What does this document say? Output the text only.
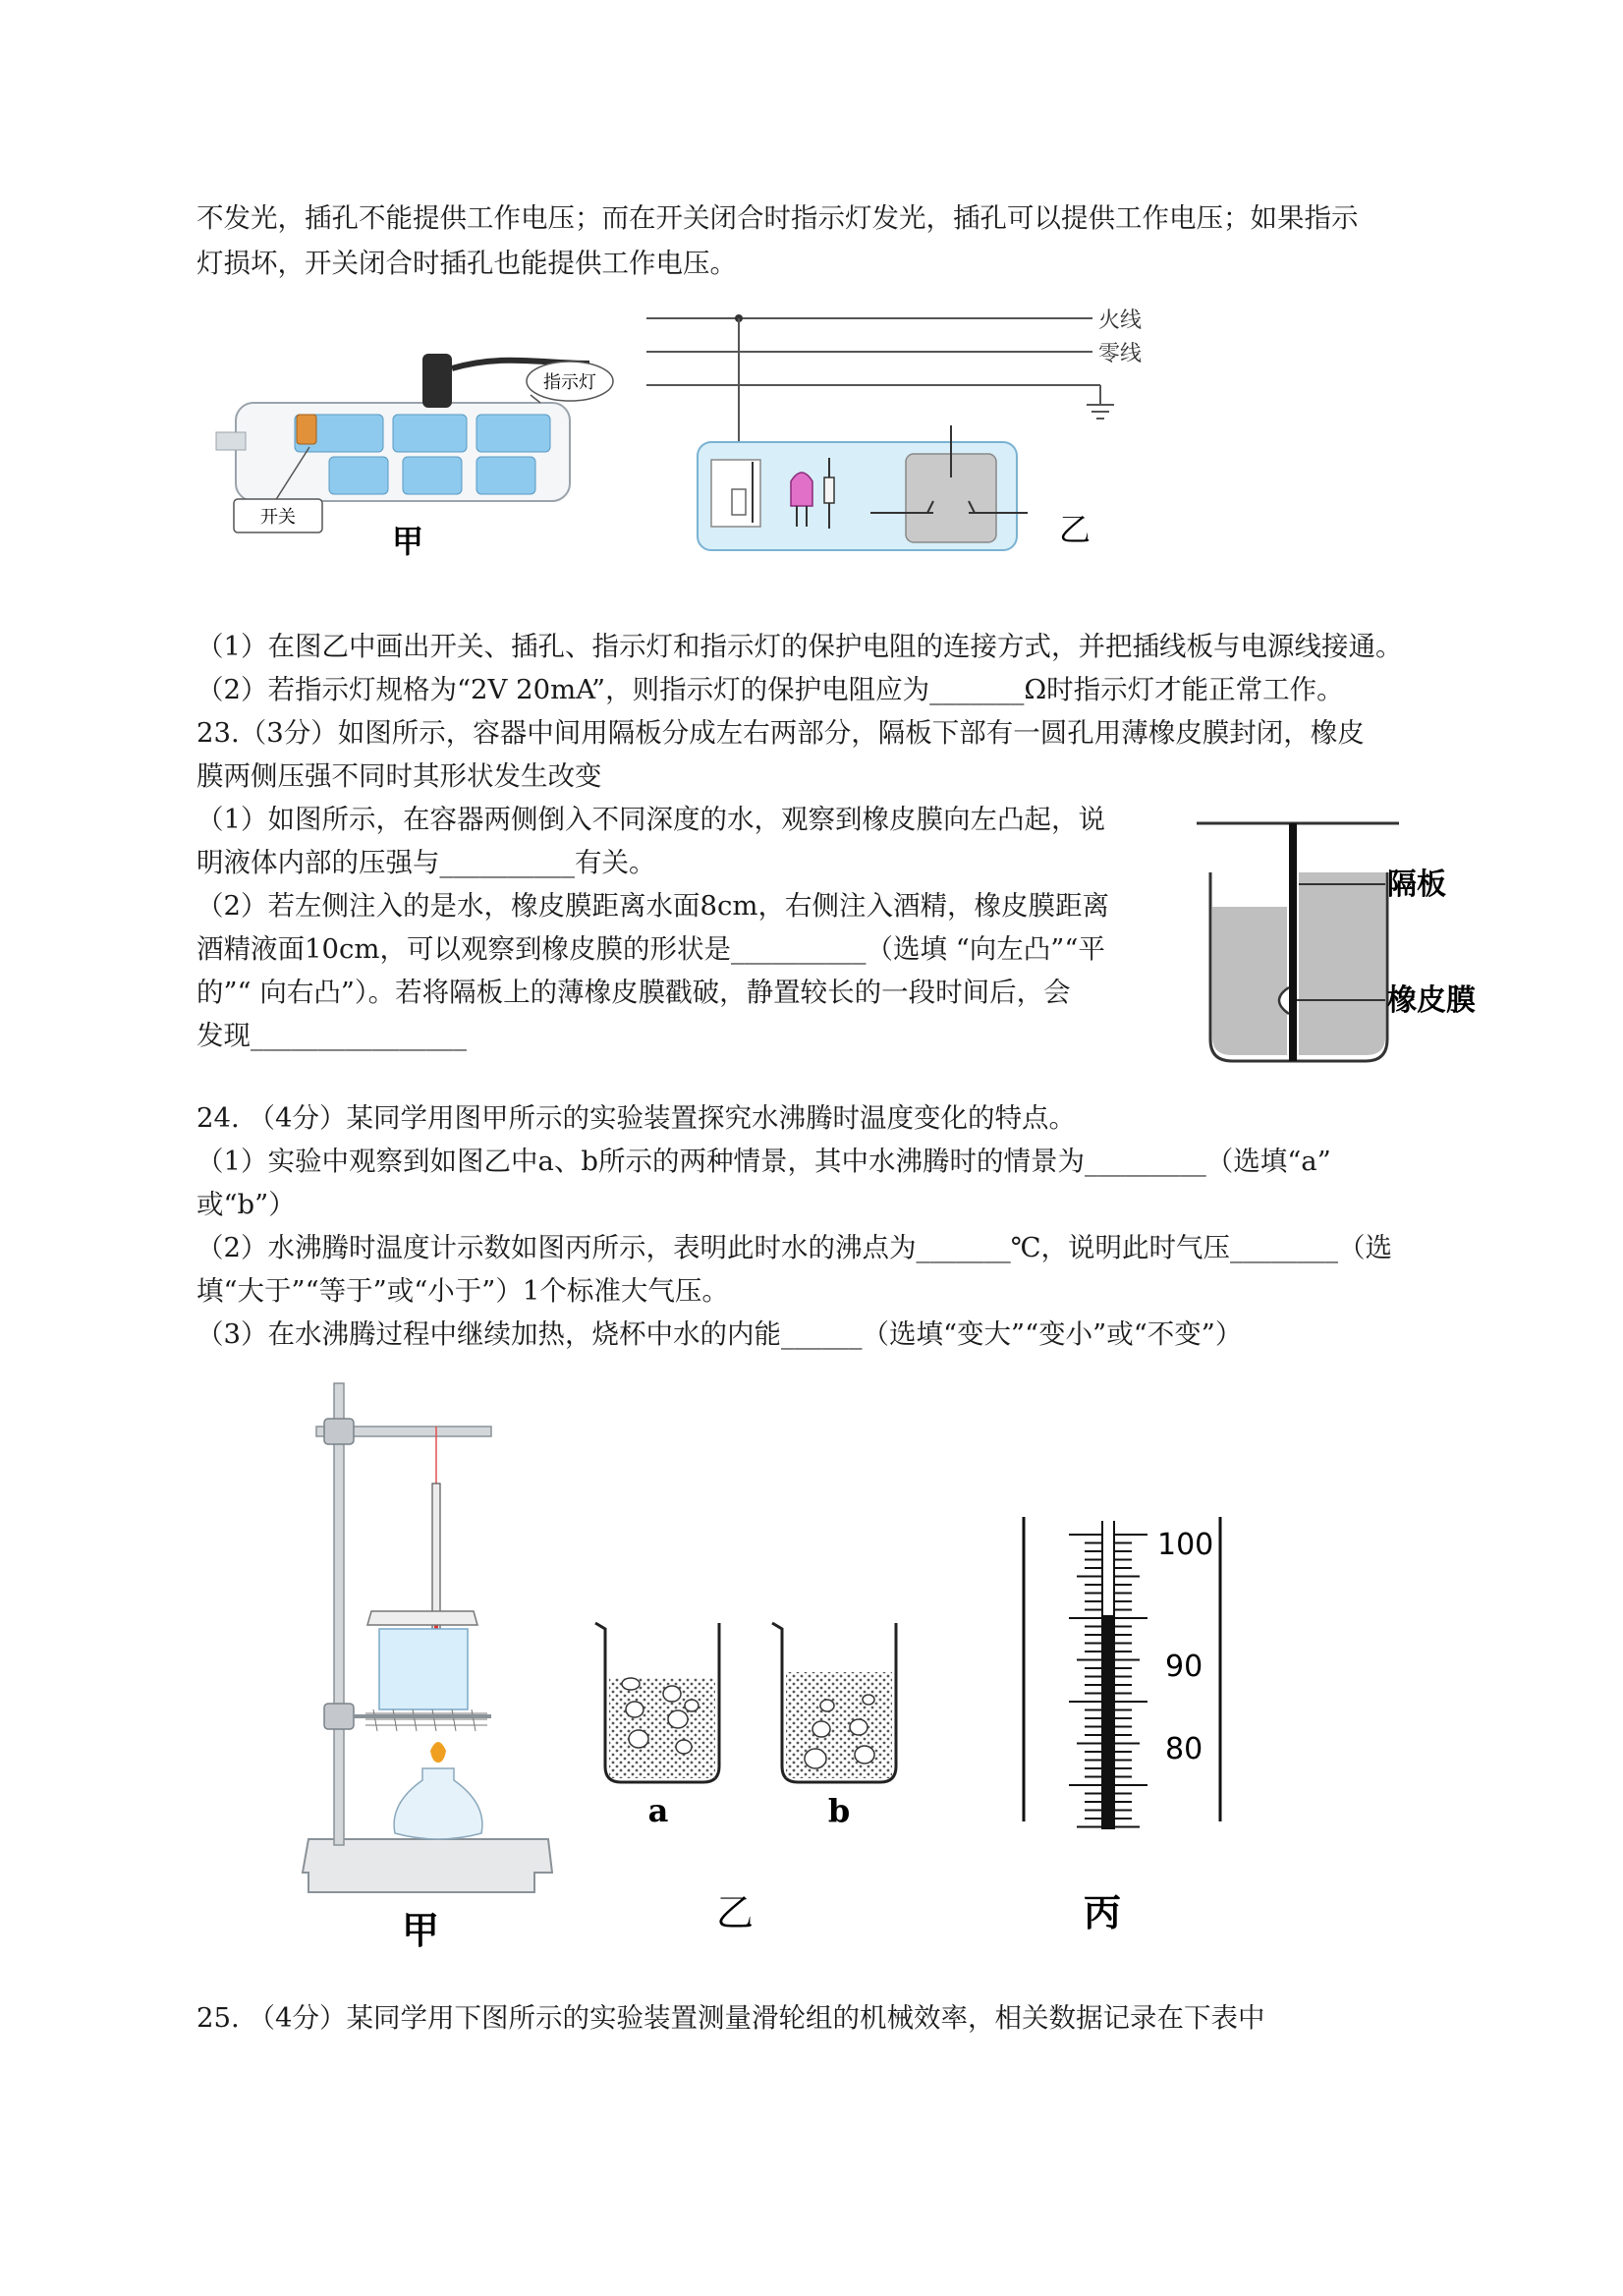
不发光，插孔不能提供工作电压；而在开关闭合时指示灯发光，插孔可以提供工作电压；如果指示
灯损坏，开关闭合时插孔也能提供工作电压。
开关
指示灯
甲
火线
零线
乙
（1）在图乙中画出开关、插孔、指示灯和指示灯的保护电阻的连接方式，并把插线板与电源线接通。
（2）若指示灯规格为“2V 20mA”，则指示灯的保护电阻应为_______Ω时指示灯才能正常工作。
23.（3分）如图所示，容器中间用隔板分成左右两部分，隔板下部有一圆孔用薄橡皮膜封闭，橡皮
膜两侧压强不同时其形状发生改变
（1）如图所示，在容器两侧倒入不同深度的水，观察到橡皮膜向左凸起，说
明液体内部的压强与__________有关。
（2）若左侧注入的是水，橡皮膜距离水面8cm，右侧注入酒精，橡皮膜距离
酒精液面10cm，可以观察到橡皮膜的形状是__________（选填 “向左凸”“平
的”“ 向右凸”）。若将隔板上的薄橡皮膜戳破，静置较长的一段时间后，会
发现________________
隔板
橡皮膜
24. （4分）某同学用图甲所示的实验装置探究水沸腾时温度变化的特点。
（1）实验中观察到如图乙中a、b所示的两种情景，其中水沸腾时的情景为_________（选填“a”
或“b”）
（2）水沸腾时温度计示数如图丙所示，表明此时水的沸点为_______℃，说明此时气压________（选
填“大于”“等于”或“小于”）1个标准大气压。
（3）在水沸腾过程中继续加热，烧杯中水的内能______（选填“变大”“变小”或“不变”）
甲
a	b
乙
100
90
80
丙
25. （4分）某同学用下图所示的实验装置测量滑轮组的机械效率，相关数据记录在下表中
